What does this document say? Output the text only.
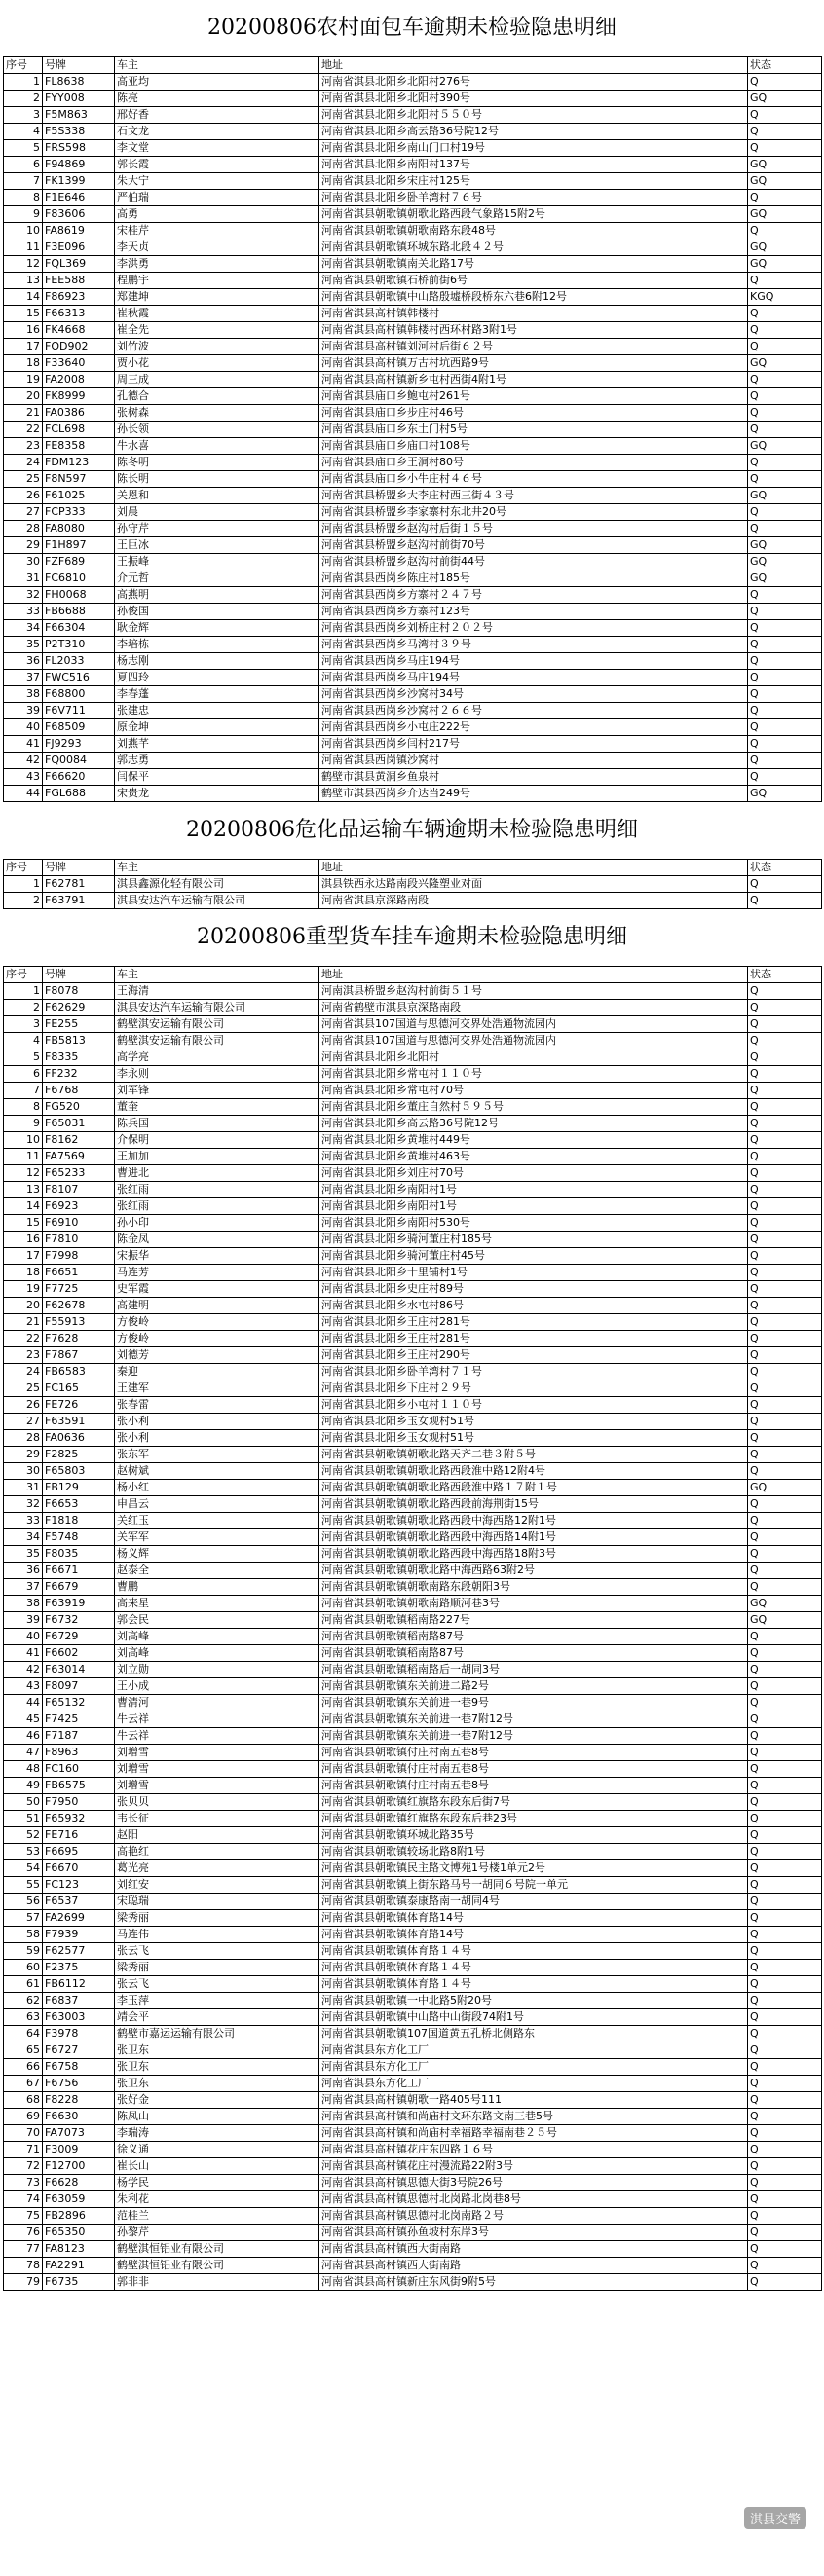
20200806农村面包车逾期未检验隐患明细
序号	号牌	车主	地址	状态
1	FL8638	高亚均	河南省淇县北阳乡北阳村276号	Q
2	FYY008	陈亮	河南省淇县北阳乡北阳村390号	GQ
3	F5M863	邢好香	河南省淇县北阳乡北阳村５５０号	Q
4	F5S338	石文龙	河南省淇县北阳乡高云路36号院12号	Q
5	FRS598	李文堂	河南省淇县北阳乡南山门口村19号	Q
6	F94869	郭长霞	河南省淇县北阳乡南阳村137号	GQ
7	FK1399	朱大宁	河南省淇县北阳乡宋庄村125号	GQ
8	F1E646	严伯瑞	河南省淇县北阳乡卧羊湾村７６号	Q
9	F83606	高勇	河南省淇县朝歌镇朝歌北路西段气象路15附2号	GQ
10	FA8619	宋桂芹	河南省淇县朝歌镇朝歌南路东段48号	Q
11	F3E096	李天贞	河南省淇县朝歌镇环城东路北段４２号	GQ
12	FQL369	李洪勇	河南省淇县朝歌镇南关北路17号	GQ
13	FEE588	程鹏宇	河南省淇县朝歌镇石桥前街6号	Q
14	F86923	郑建坤	河南省淇县朝歌镇中山路殷墟桥段桥东六巷6附12号	KGQ
15	F66313	崔秋霞	河南省淇县高村镇韩楼村	Q
16	FK4668	崔全先	河南省淇县高村镇韩楼村西环村路3附1号	Q
17	FOD902	刘竹波	河南省淇县高村镇刘河村后街６２号	Q
18	F33640	贾小花	河南省淇县高村镇万古村坑西路9号	GQ
19	FA2008	周三成	河南省淇县高村镇新乡屯村西街4附1号	Q
20	FK8999	孔德合	河南省淇县庙口乡鲍屯村261号	Q
21	FA0386	张树森	河南省淇县庙口乡步庄村46号	Q
22	FCL698	孙长领	河南省淇县庙口乡东土门村5号	Q
23	FE8358	牛水喜	河南省淇县庙口乡庙口村108号	GQ
24	FDM123	陈冬明	河南省淇县庙口乡王洞村80号	Q
25	F8N597	陈长明	河南省淇县庙口乡小牛庄村４６号	Q
26	F61025	关恩和	河南省淇县桥盟乡大李庄村西三街４３号	GQ
27	FCP333	刘晨	河南省淇县桥盟乡李家寨村东北井20号	Q
28	FA8080	孙守芹	河南省淇县桥盟乡赵沟村后街１５号	Q
29	F1H897	王巨冰	河南省淇县桥盟乡赵沟村前街70号	GQ
30	FZF689	王振峰	河南省淇县桥盟乡赵沟村前街44号	GQ
31	FC6810	介元哲	河南省淇县西岗乡陈庄村185号	GQ
32	FH0068	高燕明	河南省淇县西岗乡方寨村２４７号	Q
33	FB6688	孙俊国	河南省淇县西岗乡方寨村123号	Q
34	F66304	耿金辉	河南省淇县西岗乡刘桥庄村２０２号	Q
35	P2T310	李培栋	河南省淇县西岗乡马湾村３９号	Q
36	FL2033	杨志刚	河南省淇县西岗乡马庄194号	Q
37	FWC516	夏四玲	河南省淇县西岗乡马庄194号	Q
38	F68800	李春蓬	河南省淇县西岗乡沙窝村34号	Q
39	F6V711	张建忠	河南省淇县西岗乡沙窝村２６６号	Q
40	F68509	原金坤	河南省淇县西岗乡小屯庄222号	Q
41	FJ9293	刘燕芊	河南省淇县西岗乡闫村217号	Q
42	FQ0084	郭志勇	河南省淇县西岗镇沙窝村	Q
43	F66620	闫保平	鹤壁市淇县黄洞乡鱼泉村	Q
44	FGL688	宋贵龙	鹤壁市淇县西岗乡介达当249号	GQ
20200806危化品运输车辆逾期未检验隐患明细
序号	号牌	车主	地址	状态
1	F62781	淇县鑫源化轻有限公司	淇县铁西永达路南段兴隆塑业对面	Q
2	F63791	淇县安达汽车运输有限公司	河南省淇县京深路南段	Q
20200806重型货车挂车逾期未检验隐患明细
序号	号牌	车主	地址	状态
1	F8078	王海清	河南淇县桥盟乡赵沟村前街５１号	Q
2	F62629	淇县安达汽车运输有限公司	河南省鹤壁市淇县京深路南段	Q
3	FE255	鹤壁淇安运输有限公司	河南省淇县107国道与思德河交界处浩通物流园内	Q
4	FB5813	鹤壁淇安运输有限公司	河南省淇县107国道与思德河交界处浩通物流园内	Q
5	F8335	高学亮	河南省淇县北阳乡北阳村	Q
6	FF232	李永则	河南省淇县北阳乡常屯村１１０号	Q
7	F6768	刘军锋	河南省淇县北阳乡常屯村70号	Q
8	FG520	董奎	河南省淇县北阳乡董庄自然村５９５号	Q
9	F65031	陈兵国	河南省淇县北阳乡高云路36号院12号	Q
10	F8162	介保明	河南省淇县北阳乡黄堆村449号	Q
11	FA7569	王加加	河南省淇县北阳乡黄堆村463号	Q
12	F65233	曹进北	河南省淇县北阳乡刘庄村70号	Q
13	F8107	张红雨	河南省淇县北阳乡南阳村1号	Q
14	F6923	张红雨	河南省淇县北阳乡南阳村1号	Q
15	F6910	孙小印	河南省淇县北阳乡南阳村530号	Q
16	F7810	陈金凤	河南省淇县北阳乡骑河董庄村185号	Q
17	F7998	宋振华	河南省淇县北阳乡骑河董庄村45号	Q
18	F6651	马连芳	河南省淇县北阳乡十里铺村1号	Q
19	F7725	史军霞	河南省淇县北阳乡史庄村89号	Q
20	F62678	高建明	河南省淇县北阳乡水屯村86号	Q
21	F55913	方俊岭	河南省淇县北阳乡王庄村281号	Q
22	F7628	方俊岭	河南省淇县北阳乡王庄村281号	Q
23	F7867	刘德芳	河南省淇县北阳乡王庄村290号	Q
24	FB6583	秦迎	河南省淇县北阳乡卧羊湾村７１号	Q
25	FC165	王建军	河南省淇县北阳乡下庄村２９号	Q
26	FE726	张春雷	河南省淇县北阳乡小屯村１１０号	Q
27	F63591	张小利	河南省淇县北阳乡玉女观村51号	Q
28	FA0636	张小利	河南省淇县北阳乡玉女观村51号	Q
29	F2825	张东军	河南省淇县朝歌镇朝歌北路天齐二巷３附５号	Q
30	F65803	赵树斌	河南省淇县朝歌镇朝歌北路西段淮中路12附4号	Q
31	FB129	杨小红	河南省淇县朝歌镇朝歌北路西段淮中路１７附１号	GQ
32	F6653	申昌云	河南省淇县朝歌镇朝歌北路西段前海荆街15号	Q
33	F1818	关红玉	河南省淇县朝歌镇朝歌北路西段中海西路12附1号	Q
34	F5748	关军军	河南省淇县朝歌镇朝歌北路西段中海西路14附1号	Q
35	F8035	杨义辉	河南省淇县朝歌镇朝歌北路西段中海西路18附3号	Q
36	F6671	赵泰全	河南省淇县朝歌镇朝歌北路中海西路63附2号	Q
37	F6679	曹鹏	河南省淇县朝歌镇朝歌南路东段朝阳3号	Q
38	F63919	高来星	河南省淇县朝歌镇朝歌南路顺河巷3号	GQ
39	F6732	郭会民	河南省淇县朝歌镇稻南路227号	GQ
40	F6729	刘高峰	河南省淇县朝歌镇稻南路87号	Q
41	F6602	刘高峰	河南省淇县朝歌镇稻南路87号	Q
42	F63014	刘立勋	河南省淇县朝歌镇稻南路后一胡同3号	Q
43	F8097	王小成	河南省淇县朝歌镇东关前进二路2号	Q
44	F65132	曹清河	河南省淇县朝歌镇东关前进一巷9号	Q
45	F7425	牛云祥	河南省淇县朝歌镇东关前进一巷7附12号	Q
46	F7187	牛云祥	河南省淇县朝歌镇东关前进一巷7附12号	Q
47	F8963	刘增雪	河南省淇县朝歌镇付庄村南五巷8号	Q
48	FC160	刘增雪	河南省淇县朝歌镇付庄村南五巷8号	Q
49	FB6575	刘增雪	河南省淇县朝歌镇付庄村南五巷8号	Q
50	F7950	张贝贝	河南省淇县朝歌镇红旗路东段东后街7号	Q
51	F65932	韦长征	河南省淇县朝歌镇红旗路东段东后巷23号	Q
52	FE716	赵阳	河南省淇县朝歌镇环城北路35号	Q
53	F6695	高艳红	河南省淇县朝歌镇较场北路8附1号	Q
54	F6670	葛光亮	河南省淇县朝歌镇民主路文博苑1号楼1单元2号	Q
55	FC123	刘红安	河南省淇县朝歌镇上街东路马号一胡同６号院一单元	Q
56	F6537	宋聪瑞	河南省淇县朝歌镇泰康路南一胡同4号	Q
57	FA2699	梁秀丽	河南省淇县朝歌镇体育路14号	Q
58	F7939	马连伟	河南省淇县朝歌镇体育路14号	Q
59	F62577	张云飞	河南省淇县朝歌镇体育路１４号	Q
60	F2375	梁秀丽	河南省淇县朝歌镇体育路１４号	Q
61	FB6112	张云飞	河南省淇县朝歌镇体育路１４号	Q
62	F6837	李玉萍	河南省淇县朝歌镇一中北路5附20号	Q
63	F63003	靖会平	河南省淇县朝歌镇中山路中山街段74附1号	Q
64	F3978	鹤壁市嘉运运输有限公司	河南省淇县朝歌镇107国道黄五孔桥北侧路东	Q
65	F6727	张卫东	河南省淇县东方化工厂	Q
66	F6758	张卫东	河南省淇县东方化工厂	Q
67	F6756	张卫东	河南省淇县东方化工厂	Q
68	F8228	张好金	河南省淇县高村镇朝歌一路405号111	Q
69	F6630	陈凤山	河南省淇县高村镇和尚庙村文环东路文南三巷5号	Q
70	FA7073	李瑞涛	河南省淇县高村镇和尚庙村幸福路幸福南巷２５号	Q
71	F3009	徐义通	河南省淇县高村镇花庄东四路１６号	Q
72	F12700	崔长山	河南省淇县高村镇花庄村漫流路22附3号	Q
73	F6628	杨学民	河南省淇县高村镇思德大街3号院26号	Q
74	F63059	朱利花	河南省淇县高村镇思德村北岗路北岗巷8号	Q
75	FB2896	范桂兰	河南省淇县高村镇思德村北岗南路２号	Q
76	F65350	孙黎芹	河南省淇县高村镇孙鱼坡村东岸3号	Q
77	FA8123	鹤壁淇恒铝业有限公司	河南省淇县高村镇西大街南路	Q
78	FA2291	鹤壁淇恒铝业有限公司	河南省淇县高村镇西大街南路	Q
79	F6735	郭非非	河南省淇县高村镇新庄东风街9附5号	Q
淇县交警
